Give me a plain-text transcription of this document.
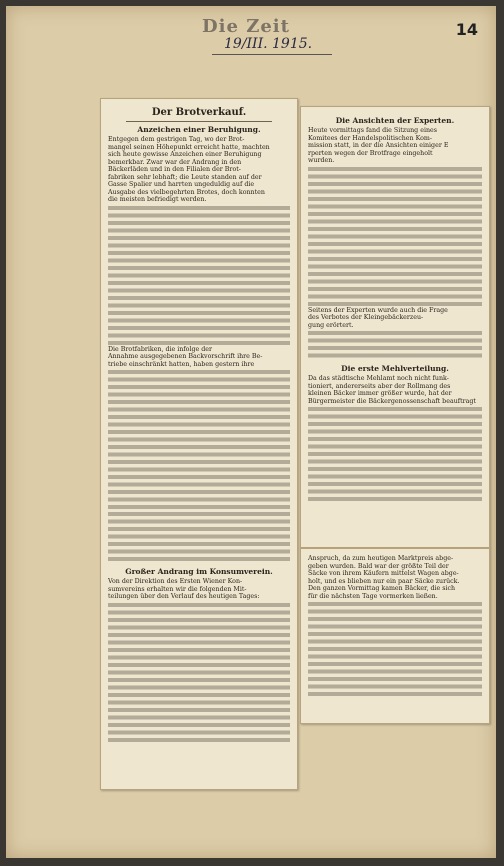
Die Zeit
19/III. 1915.
14
Der Brotverkauf.
Anzeichen einer Beruhigung.
Entgegen dem gestrigen Tag, wo der Brot-
mangel seinen Höhepunkt erreicht hatte, machten
sich heute gewisse Anzeichen einer Beruhigung
bemerkbar. Zwar war der Andrang in den
Bäckerläden und in den Filialen der Brot-
fabriken sehr lebhaft; die Leute standen auf der
Gasse Spalier und harrten ungeduldig auf die
Ausgabe des vielbegehrten Brotes, doch konnten
die meisten befriedigt werden.
Die Brotfabriken, die infolge der
Annahme ausgegebenen Backvorschrift ihre Be-
triebe einschränkt hatten, haben gestern ihre
Großer Andrang im Konsumverein.
Von der Direktion des Ersten Wiener Kon-
sumvereins erhalten wir die folgenden Mit-
teilungen über den Verlauf des heutigen Tages:
Die Ansichten der Experten.
Heute vormittags fand die Sitzung eines
Komitees der Handelspolitischen Kom-
mission statt, in der die Ansichten einiger E
rperten wegen der Brotfrage eingeholt
wurden.
Seitens der Experten wurde auch die Frage
des Verbotes der Kleingebäckerzeu-
gung erörtert.
Die erste Mehlverteilung.
Da das städtische Mehlamt noch nicht funk-
tioniert, andererseits aber der Rollmang des
kleinen Bäcker immer größer wurde, hat der
Bürgermeister die Bäckergenossenschaft beauftragt
Anspruch, da zum heutigen Marktpreis abge-
geben wurden. Bald war der größte Teil der
Säcke von ihrem Käufern mittelst Wagen abge-
holt, und es blieben nur ein paar Säcke zurück.
Den ganzen Vormittag kamen Bäcker, die sich
für die nächsten Tage vormerken ließen.
